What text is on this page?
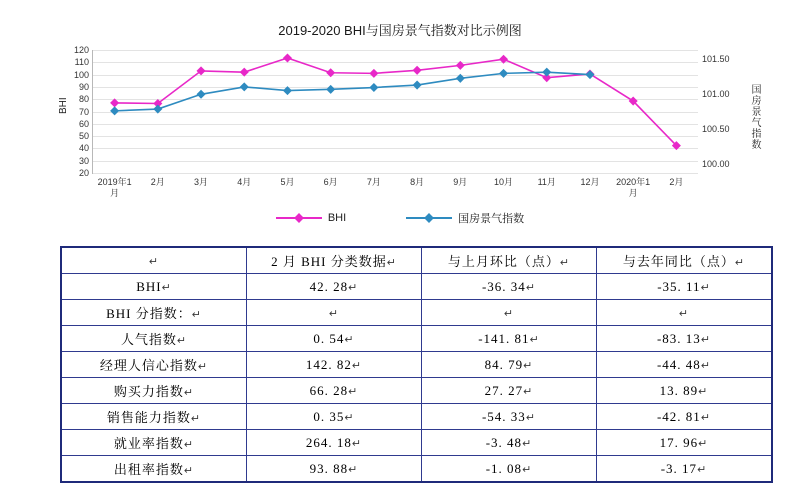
2019-2020 BHI与国房景气指数对比示例图
BHI	国房景气指数
20
30
40
50
60
70
80
90
100
110
120
100.00
100.50
101.00
101.50
2019年1
月
2月	3月	4月	5月	6月	7月	8月	9月	10月	11月	12月	2020年1
月
2月
BHI	国房景气指数
↵	2 月 BHI 分类数据↵	与上月环比（点）↵	与去年同比（点）↵
BHI↵	42. 28↵	-36. 34↵	-35. 11↵
BHI 分指数：↵	↵	↵	↵
人气指数↵	0. 54↵	-141. 81↵	-83. 13↵
经理人信心指数↵	142. 82↵	84. 79↵	-44. 48↵
购买力指数↵	66. 28↵	27. 27↵	13. 89↵
销售能力指数↵	0. 35↵	-54. 33↵	-42. 81↵
就业率指数↵	264. 18↵	-3. 48↵	17. 96↵
出租率指数↵	93. 88↵	-1. 08↵	-3. 17↵
